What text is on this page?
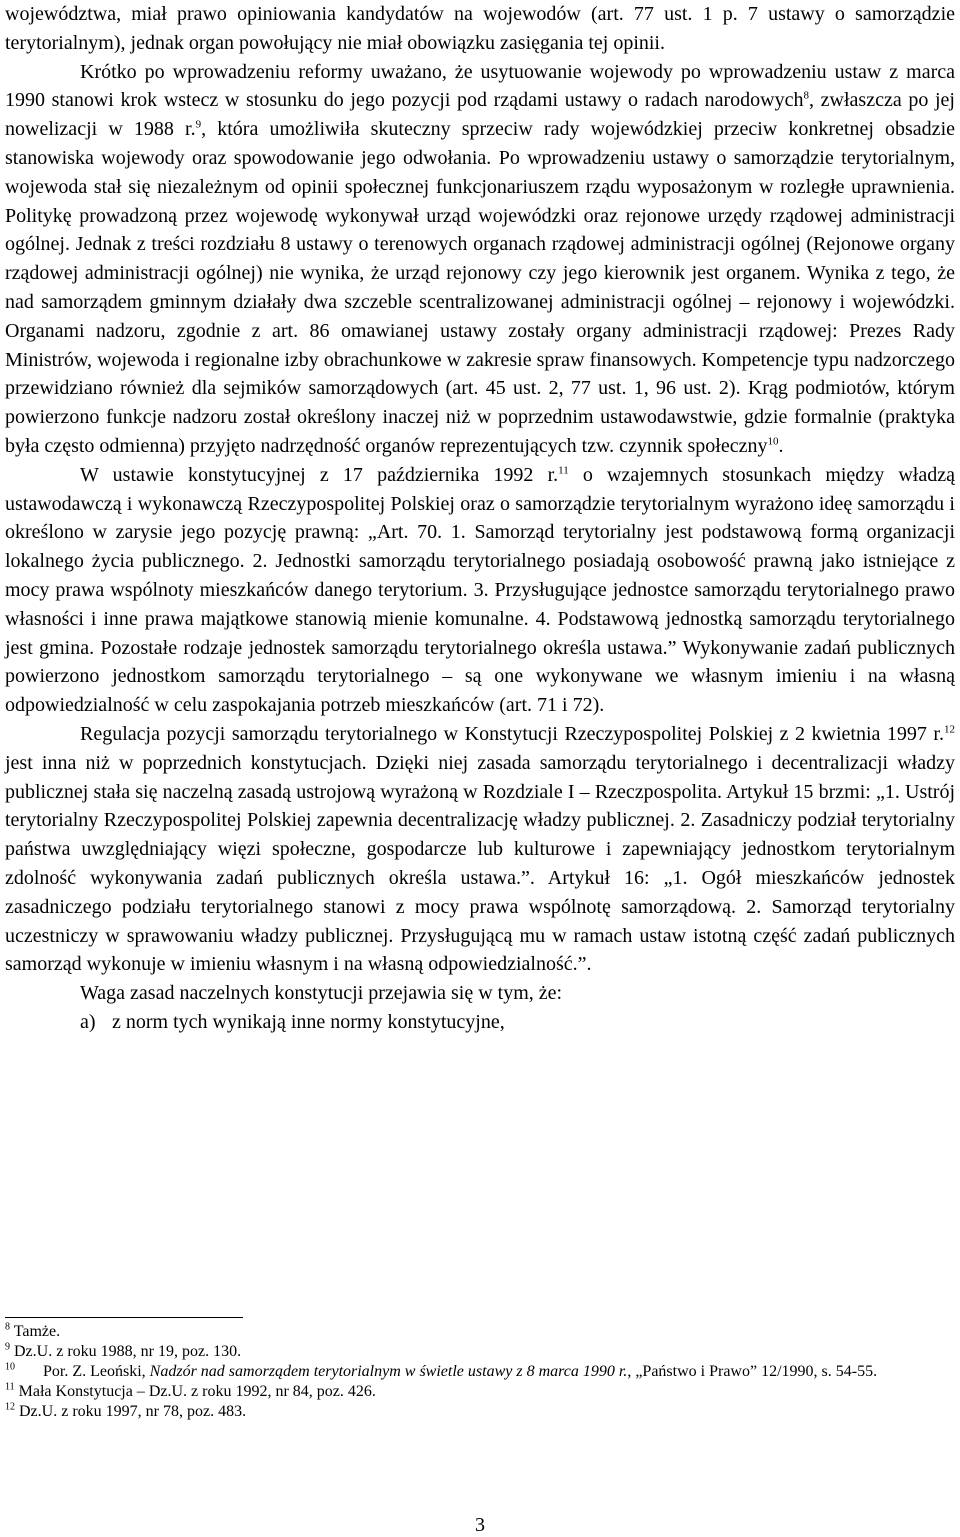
województwa, miał prawo opiniowania kandydatów na wojewodów (art. 77 ust. 1 p. 7 ustawy o samorządzie terytorialnym), jednak organ powołujący nie miał obowiązku zasięgania tej opinii.

Krótko po wprowadzeniu reformy uważano, że usytuowanie wojewody po wprowadzeniu ustaw z marca 1990 stanowi krok wstecz w stosunku do jego pozycji pod rządami ustawy o radach narodowych$^8$, zwłaszcza po jej nowelizacji w 1988 r.$^9$, która umożliwiła skuteczny sprzeciw rady wojewódzkiej przeciw konkretnej obsadzie stanowiska wojewody oraz spowodowanie jego odwołania. Po wprowadzeniu ustawy o samorządzie terytorialnym, wojewoda stał się niezależnym od opinii społecznej funkcjonariuszem rządu wyposażonym w rozległe uprawnienia. Politykę prowadzoną przez wojewodę wykonywał urząd wojewódzki oraz rejonowe urzędy rządowej administracji ogólnej. Jednak z treści rozdziału 8 ustawy o terenowych organach rządowej administracji ogólnej (Rejonowe organy rządowej administracji ogólnej) nie wynika, że urząd rejonowy czy jego kierownik jest organem. Wynika z tego, że nad samorządem gminnym działały dwa szczeble scentralizowanej administracji ogólnej – rejonowy i wojewódzki. Organami nadzoru, zgodnie z art. 86 omawianej ustawy zostały organy administracji rządowej: Prezes Rady Ministrów, wojewoda i regionalne izby obrachunkowe w zakresie spraw finansowych. Kompetencje typu nadzorczego przewidziano również dla sejmików samorządowych (art. 45 ust. 2, 77 ust. 1, 96 ust. 2). Krąg podmiotów, którym powierzono funkcje nadzoru został określony inaczej niż w poprzednim ustawodawstwie, gdzie formalnie (praktyka była często odmienna) przyjęto nadrzędność organów reprezentujących tzw. czynnik społeczny$^{10}$.

W ustawie konstytucyjnej z 17 października 1992 r.$^{11}$ o wzajemnych stosunkach między władzą ustawodawczą i wykonawczą Rzeczypospolitej Polskiej oraz o samorządzie terytorialnym wyrażono ideę samorządu i określono w zarysie jego pozycję prawną: „Art. 70. 1. Samorząd terytorialny jest podstawową formą organizacji lokalnego życia publicznego. 2. Jednostki samorządu terytorialnego posiadają osobowość prawną jako istniejące z mocy prawa wspólnoty mieszkańców danego terytorium. 3. Przysługujące jednostce samorządu terytorialnego prawo własności i inne prawa majątkowe stanowią mienie komunalne. 4. Podstawową jednostką samorządu terytorialnego jest gmina. Pozostałe rodzaje jednostek samorządu terytorialnego określa ustawa.” Wykonywanie zadań publicznych powierzono jednostkom samorządu terytorialnego – są one wykonywane we własnym imieniu i na własną odpowiedzialność w celu zaspokajania potrzeb mieszkańców (art. 71 i 72).

Regulacja pozycji samorządu terytorialnego w Konstytucji Rzeczypospolitej Polskiej z 2 kwietnia 1997 r.$^{12}$ jest inna niż w poprzednich konstytucjach. Dzięki niej zasada samorządu terytorialnego i decentralizacji władzy publicznej stała się naczelną zasadą ustrojową wyrażoną w Rozdziale I – Rzeczpospolita. Artykuł 15 brzmi: „1. Ustrój terytorialny Rzeczypospolitej Polskiej zapewnia decentralizację władzy publicznej. 2. Zasadniczy podział terytorialny państwa uwzględniający więzi społeczne, gospodarcze lub kulturowe i zapewniający jednostkom terytorialnym zdolność wykonywania zadań publicznych określa ustawa.”. Artykuł 16: „1. Ogół mieszkańców jednostek zasadniczego podziału terytorialnego stanowi z mocy prawa wspólnotę samorządową. 2. Samorząd terytorialny uczestniczy w sprawowaniu władzy publicznej. Przysługującą mu w ramach ustaw istotną część zadań publicznych samorząd wykonuje w imieniu własnym i na własną odpowiedzialność.”.

Waga zasad naczelnych konstytucji przejawia się w tym, że:

a) z norm tych wynikają inne normy konstytucyjne,

$^8$ Tamże.

$^9$ Dz.U. z roku 1988, nr 19, poz. 130.

$^{10}$ Por. Z. Leoński, Nadzór nad samorządem terytorialnym w świetle ustawy z 8 marca 1990 r., „Państwo i Prawo” 12/1990, s. 54-55.

$^{11}$ Mała Konstytucja – Dz.U. z roku 1992, nr 84, poz. 426.

$^{12}$ Dz.U. z roku 1997, nr 78, poz. 483.

3
